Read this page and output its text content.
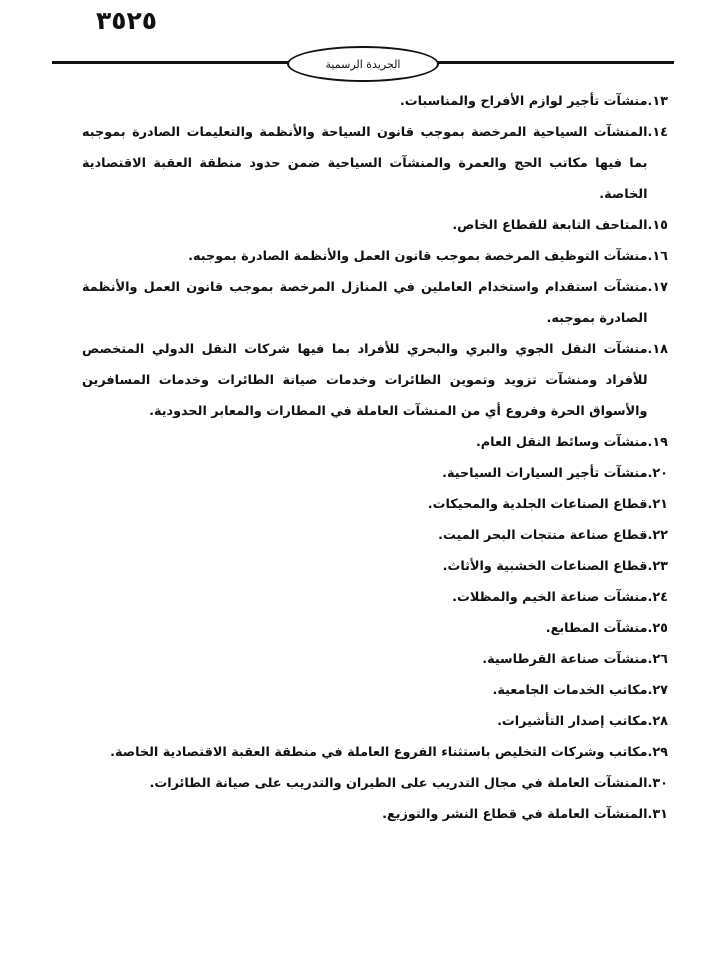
٣٥٢٥
الجريدة الرسمية
١٣.
منشآت تأجير لوازم الأفراح والمناسبات.
١٤.
المنشآت السياحية المرخصة بموجب قانون السياحة والأنظمة والتعليمات الصادرة بموجبه بما فيها مكاتب الحج والعمرة والمنشآت السياحية ضمن حدود منطقة العقبة الاقتصادية الخاصة.
١٥.
المتاحف التابعة للقطاع الخاص.
١٦.
منشآت التوظيف المرخصة بموجب قانون العمل والأنظمة الصادرة بموجبه.
١٧.
منشآت استقدام واستخدام العاملين في المنازل المرخصة بموجب قانون العمل والأنظمة الصادرة بموجبه.
١٨.
منشآت النقل الجوي والبري والبحري للأفراد بما فيها شركات النقل الدولي المتخصص للأفراد ومنشآت تزويد وتموين الطائرات وخدمات صيانة الطائرات وخدمات المسافرين والأسواق الحرة وفروع أي من المنشآت العاملة في المطارات والمعابر الحدودية.
١٩.
منشآت وسائط النقل العام.
٢٠.
منشآت تأجير السيارات السياحية.
٢١.
قطاع الصناعات الجلدية والمحيكات.
٢٢.
قطاع صناعة منتجات البحر الميت.
٢٣.
قطاع الصناعات الخشبية والأثاث.
٢٤.
منشآت صناعة الخيم والمظلات.
٢٥.
منشآت المطابع.
٢٦.
منشآت صناعة القرطاسية.
٢٧.
مكاتب الخدمات الجامعية.
٢٨.
مكاتب إصدار التأشيرات.
٢٩.
مكاتب وشركات التخليص باستثناء الفروع العاملة في منطقة العقبة الاقتصادية الخاصة.
٣٠.
المنشآت العاملة في مجال التدريب على الطيران والتدريب على صيانة الطائرات.
٣١.
المنشآت العاملة في قطاع النشر والتوزيع.
